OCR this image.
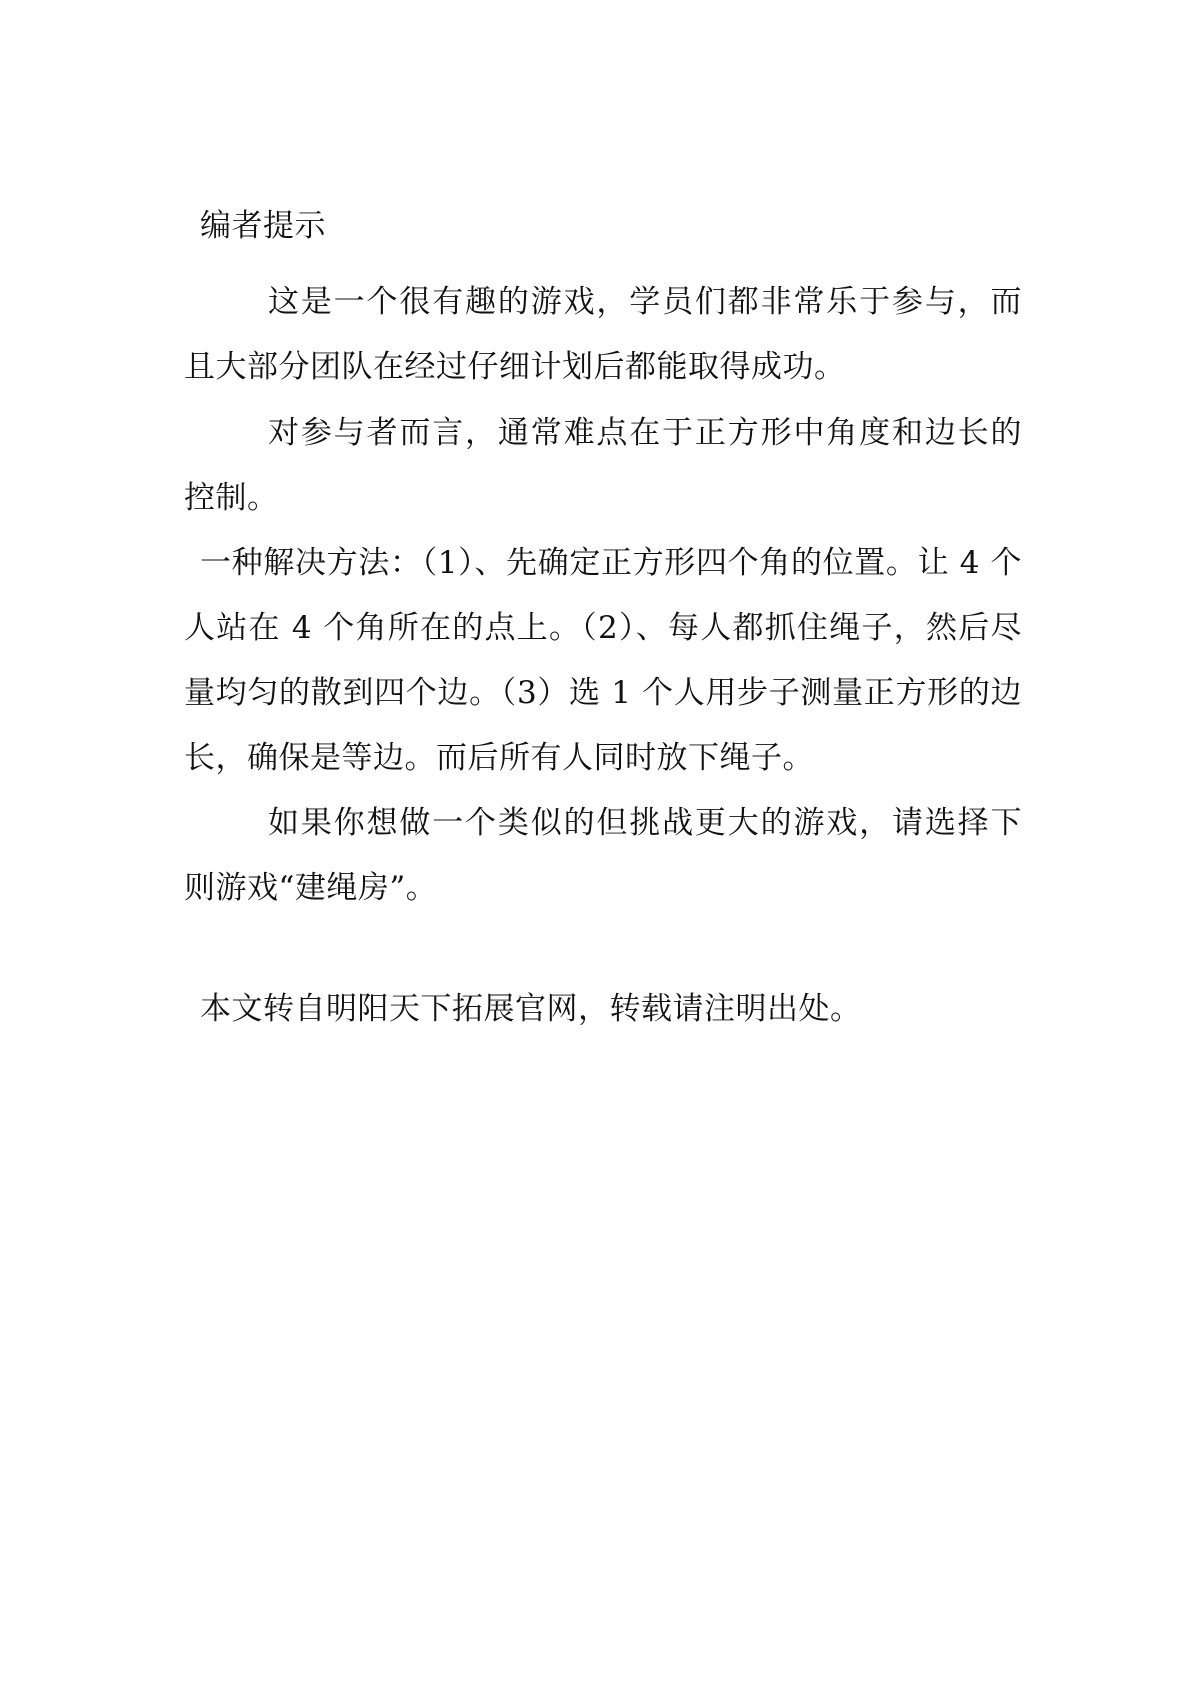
编者提示

这是一个很有趣的游戏，学员们都非常乐于参与，而

且大部分团队在经过仔细计划后都能取得成功。

对参与者而言，通常难点在于正方形中角度和边长的

控制。

一种解决方法：（1）、先确定正方形四个角的位置。让 4 个

人站在 4 个角所在的点上。（2）、每人都抓住绳子，然后尽

量均匀的散到四个边。（3）选 1 个人用步子测量正方形的边

长，确保是等边。而后所有人同时放下绳子。

如果你想做一个类似的但挑战更大的游戏，请选择下

则游戏“建绳房”。

本文转自明阳天下拓展官网，转载请注明出处。
